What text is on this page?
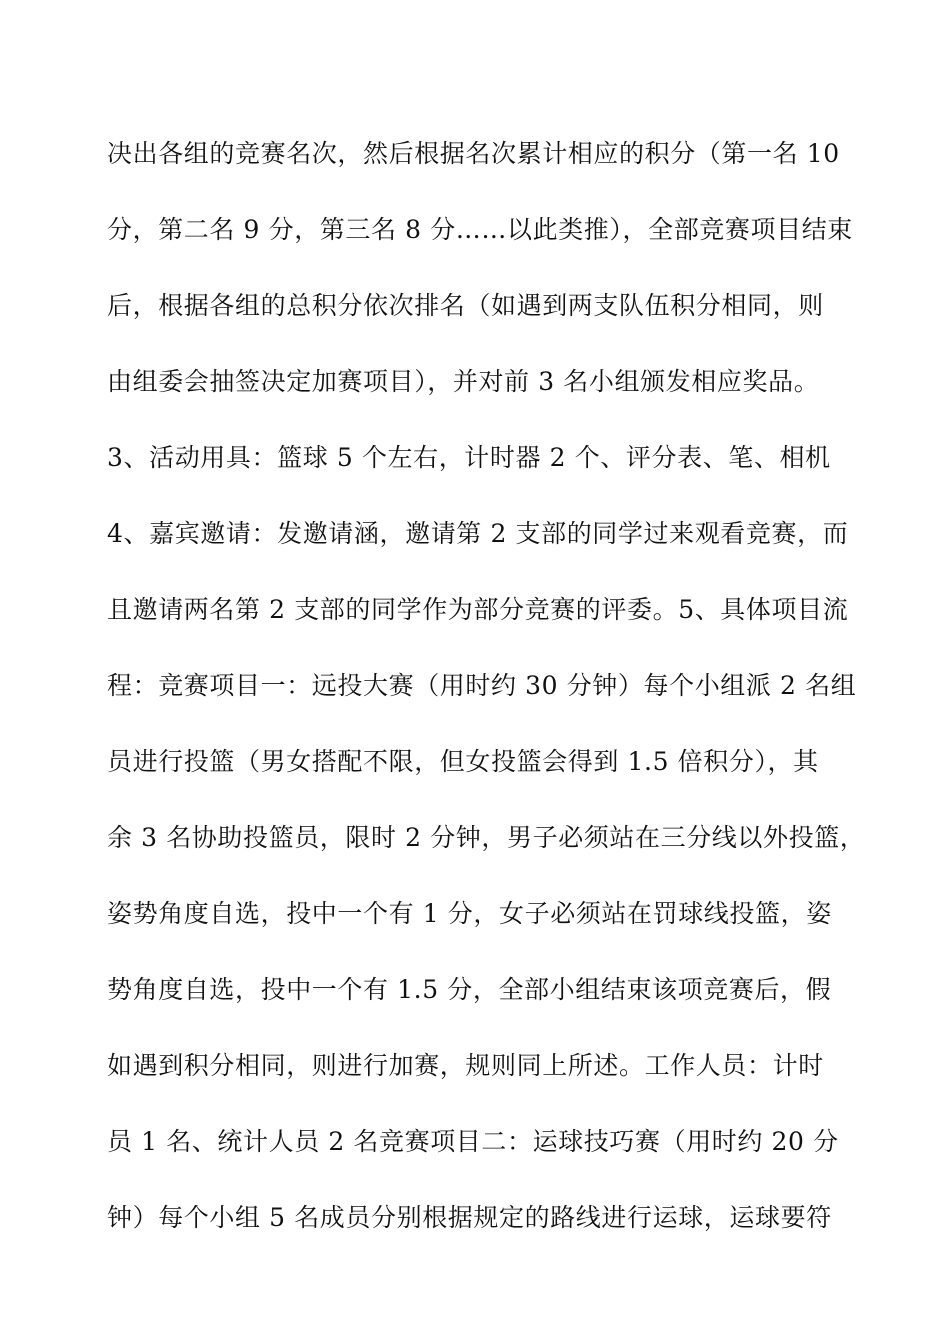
决出各组的竞赛名次，然后根据名次累计相应的积分（第一名 10
分，第二名 9 分，第三名 8 分……以此类推），全部竞赛项目结束
后，根据各组的总积分依次排名（如遇到两支队伍积分相同，则
由组委会抽签决定加赛项目），并对前 3 名小组颁发相应奖品。
3、活动用具：篮球 5 个左右，计时器 2 个、评分表、笔、相机
4、嘉宾邀请：发邀请涵，邀请第 2 支部的同学过来观看竞赛，而
且邀请两名第 2 支部的同学作为部分竞赛的评委。5、具体项目流
程：竞赛项目一：远投大赛（用时约 30 分钟）每个小组派 2 名组
员进行投篮（男女搭配不限，但女投篮会得到 1.5 倍积分），其
余 3 名协助投篮员，限时 2 分钟，男子必须站在三分线以外投篮，
姿势角度自选，投中一个有 1 分，女子必须站在罚球线投篮，姿
势角度自选，投中一个有 1.5 分，全部小组结束该项竞赛后，假
如遇到积分相同，则进行加赛，规则同上所述。工作人员：计时
员 1 名、统计人员 2 名竞赛项目二：运球技巧赛（用时约 20 分
钟）每个小组 5 名成员分别根据规定的路线进行运球，运球要符
